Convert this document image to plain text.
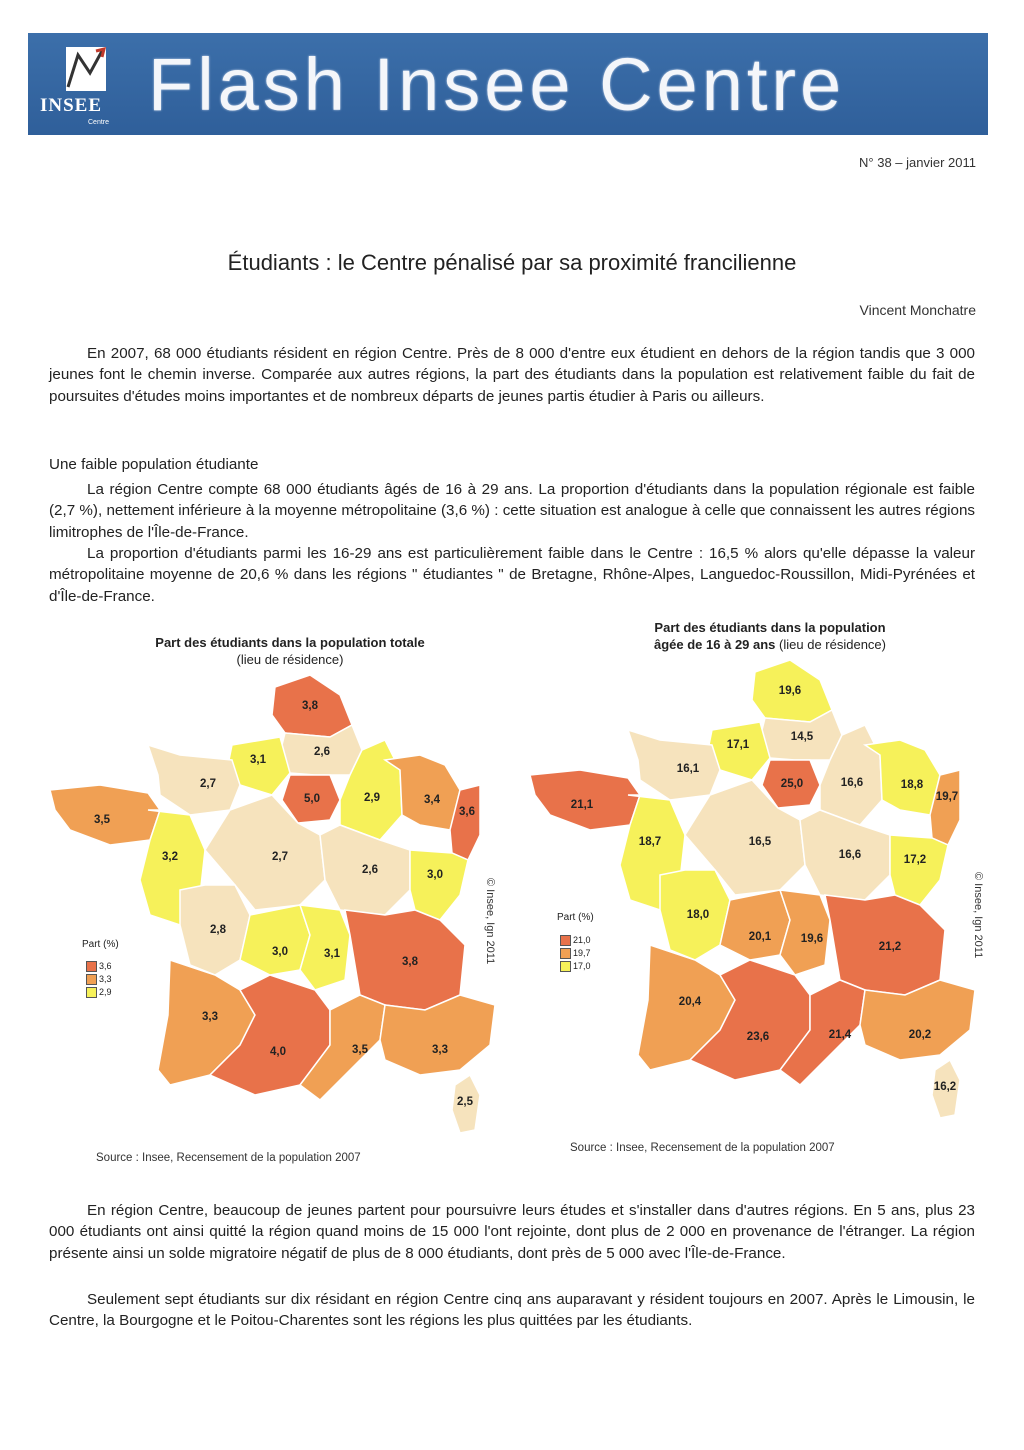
INSEE
Centre Flash Insee Centre
N° 38 – janvier 2011
Étudiants : le Centre pénalisé par sa proximité francilienne
Vincent Monchatre

En 2007, 68 000 étudiants résident en région Centre. Près de 8 000 d'entre eux étudient en dehors de la région tandis que 3 000 jeunes font le chemin inverse. Comparée aux autres régions, la part des étudiants dans la population est relativement faible du fait de poursuites d'études moins importantes et de nombreux départs de jeunes partis étudier à Paris ou ailleurs.

Une faible population étudiante

La région Centre compte 68 000 étudiants âgés de 16 à 29 ans. La proportion d'étudiants dans la population régionale est faible (2,7 %), nettement inférieure à la moyenne métropolitaine (3,6 %) : cette situation est analogue à celle que connaissent les autres régions limitrophes de l'Île-de-France.

La proportion d'étudiants parmi les 16-29 ans est particulièrement faible dans le Centre : 16,5 % alors qu'elle dépasse la valeur métropolitaine moyenne de 20,6 % dans les régions " étudiantes " de Bretagne, Rhône-Alpes, Languedoc-Roussillon, Midi-Pyrénées et d'Île-de-France.

Part des étudiants dans la population totale
(lieu de résidence)
3,8
3,1
2,6
2,7
5,0	2,9	3,4
3,6
3,5
3,2	2,7
2,6	3,0
2,8
3,0	3,1
3,8
3,3
4,0	3,5	3,3
2,5
Part (%)
3,6
3,3
2,9
Source : Insee, Recensement de la population 2007
© Insee, Ign 2011
Part des étudiants dans la population
âgée de 16 à 29 ans (lieu de résidence)
19,6
17,1
14,5
16,1
25,0	16,6	18,8
19,7
21,1
18,7	16,5
16,6	17,2
18,0
20,1	19,6
21,2
20,4
23,6	21,4	20,2
16,2
Part (%)
21,0
19,7
17,0
Source : Insee, Recensement de la population 2007
© Insee, Ign 2011

En région Centre, beaucoup de jeunes partent pour poursuivre leurs études et s'installer dans d'autres régions. En 5 ans, plus 23 000 étudiants ont ainsi quitté la région quand moins de 15 000 l'ont rejointe, dont plus de 2 000 en provenance de l'étranger. La région présente ainsi un solde migratoire négatif de plus de 8 000 étudiants, dont près de 5 000 avec l'Île-de-France.

Seulement sept étudiants sur dix résidant en région Centre cinq ans auparavant y résident toujours en 2007. Après le Limousin, le Centre, la Bourgogne et le Poitou-Charentes sont les régions les plus quittées par les étudiants.
